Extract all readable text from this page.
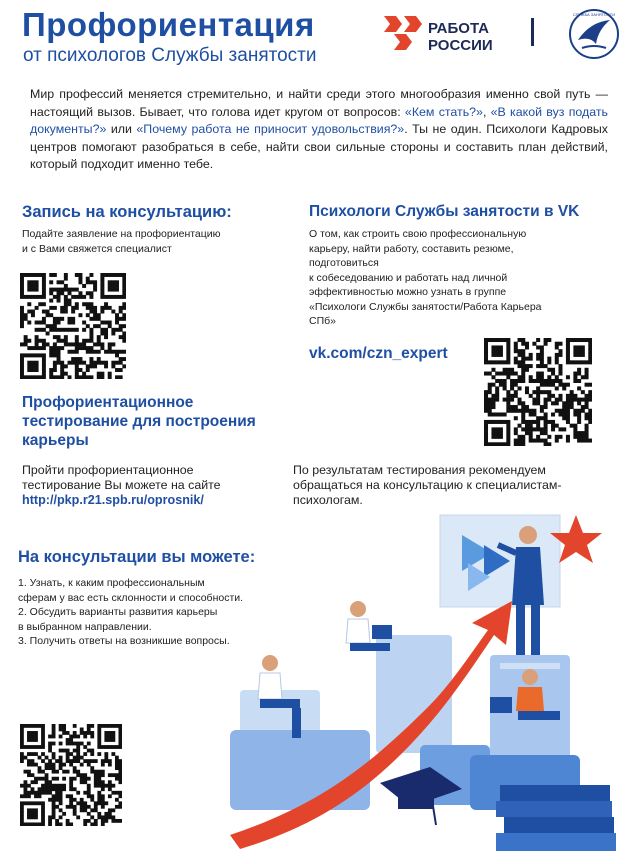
Профориентация
от психологов Службы занятости
РАБОТА
РОССИИ
СЛУЖБА ЗАНЯТОСТИ
Мир профессий меняется стремительно, и найти среди этого многообразия именно свой путь — настоящий вызов. Бывает, что голова идет кругом от вопросов: «Кем стать?», «В какой вуз подать документы?» или «Почему работа не приносит удовольствия?». Ты не один. Психологи Кадровых центров помогают разобраться в себе, найти свои сильные стороны и составить план действий, который подходит именно тебе.
Запись на консультацию:
Подайте заявление на профориентацию
и с Вами свяжется специалист
Психологи Службы занятости в VK
О том, как строить свою профессиональную
карьеру, найти работу, составить резюме,
подготовиться
к собеседованию и работать над личной
эффективностью можно узнать в группе
«Психологи Службы занятости/Работа Карьера
СПб»
vk.com/czn_expert
Профориентационное
тестирование для построения
карьеры
Пройти профориентационное
тестирование Вы можете на сайте
http://pkp.r21.spb.ru/oprosnik/
По результатам тестирования рекомендуем
обращаться на консультацию к специалистам-
психологам.
На консультации вы можете:
1. Узнать, к каким профессиональным
сферам у вас есть склонности и способности.
2. Обсудить варианты развития карьеры
в выбранном направлении.
3. Получить ответы на возникшие вопросы.
